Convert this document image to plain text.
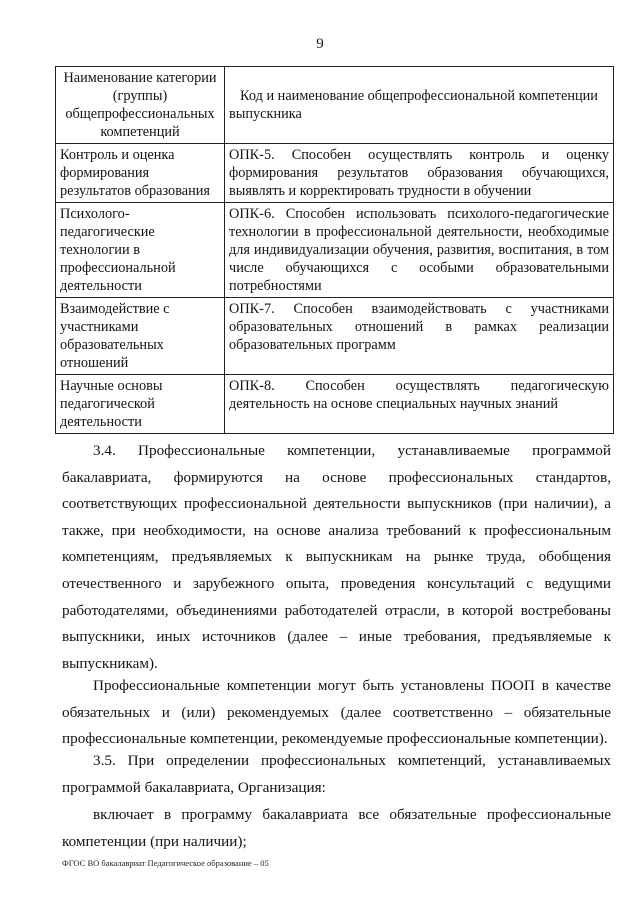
9
Наименование категории (группы) общепрофессиональных компетенций	Код и наименование общепрофессиональной компетенции выпускника
Контроль и оценка формирования результатов образования	ОПК-5. Способен осуществлять контроль и оценку формирования результатов образования обучающихся, выявлять и корректировать трудности в обучении
Психолого-педагогические технологии в профессиональной деятельности	ОПК-6. Способен использовать психолого-педагогические технологии в профессиональной деятельности, необходимые для индивидуализации обучения, развития, воспитания, в том числе обучающихся с особыми образовательными потребностями
Взаимодействие с участниками образовательных отношений	ОПК-7. Способен взаимодействовать с участниками образовательных отношений в рамках реализации образовательных программ
Научные основы педагогической деятельности	ОПК-8. Способен осуществлять педагогическую деятельность на основе специальных научных знаний

3.4. Профессиональные компетенции, устанавливаемые программой бакалавриата, формируются на основе профессиональных стандартов, соответствующих профессиональной деятельности выпускников (при наличии), а также, при необходимости, на основе анализа требований к профессиональным компетенциям, предъявляемых к выпускникам на рынке труда, обобщения отечественного и зарубежного опыта, проведения консультаций с ведущими работодателями, объединениями работодателей отрасли, в которой востребованы выпускники, иных источников (далее – иные требования, предъявляемые к выпускникам).

Профессиональные компетенции могут быть установлены ПООП в качестве обязательных и (или) рекомендуемых (далее соответственно – обязательные профессиональные компетенции, рекомендуемые профессиональные компетенции).

3.5. При определении профессиональных компетенций, устанавливаемых программой бакалавриата, Организация:

включает в программу бакалавриата все обязательные профессиональные компетенции (при наличии);

ФГОС ВО бакалавриат Педагогическое образование – 05
